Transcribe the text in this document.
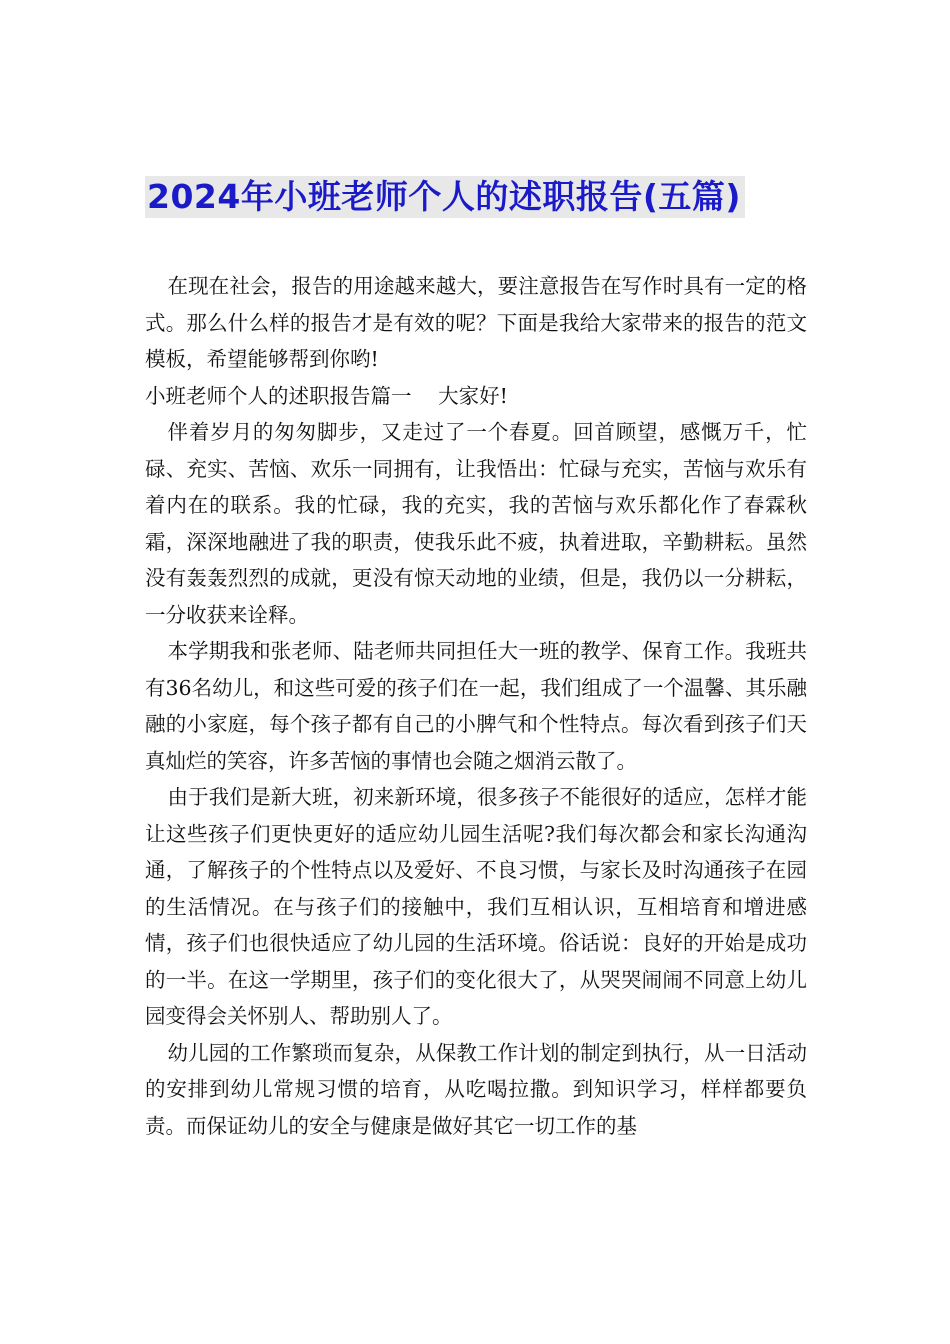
2024年小班老师个人的述职报告(五篇)

在现在社会，报告的用途越来越大，要注意报告在写作时具有一定的格式。那么什么样的报告才是有效的呢？下面是我给大家带来的报告的范文模板，希望能够帮到你哟!

小班老师个人的述职报告篇一 大家好!

伴着岁月的匆匆脚步，又走过了一个春夏。回首顾望，感慨万千，忙碌、充实、苦恼、欢乐一同拥有，让我悟出：忙碌与充实，苦恼与欢乐有着内在的联系。我的忙碌，我的充实，我的苦恼与欢乐都化作了春霖秋霜，深深地融进了我的职责，使我乐此不疲，执着进取，辛勤耕耘。虽然没有轰轰烈烈的成就，更没有惊天动地的业绩，但是，我仍以一分耕耘，一分收获来诠释。

本学期我和张老师、陆老师共同担任大一班的教学、保育工作。我班共有36名幼儿，和这些可爱的孩子们在一起，我们组成了一个温馨、其乐融融的小家庭，每个孩子都有自己的小脾气和个性特点。每次看到孩子们天真灿烂的笑容，许多苦恼的事情也会随之烟消云散了。

由于我们是新大班，初来新环境，很多孩子不能很好的适应，怎样才能让这些孩子们更快更好的适应幼儿园生活呢?我们每次都会和家长沟通沟通，了解孩子的个性特点以及爱好、不良习惯，与家长及时沟通孩子在园的生活情况。在与孩子们的接触中，我们互相认识，互相培育和增进感情，孩子们也很快适应了幼儿园的生活环境。俗话说：良好的开始是成功的一半。在这一学期里，孩子们的变化很大了，从哭哭闹闹不同意上幼儿园变得会关怀别人、帮助别人了。

幼儿园的工作繁琐而复杂，从保教工作计划的制定到执行，从一日活动的安排到幼儿常规习惯的培育，从吃喝拉撒。到知识学习，样样都要负责。而保证幼儿的安全与健康是做好其它一切工作的基
